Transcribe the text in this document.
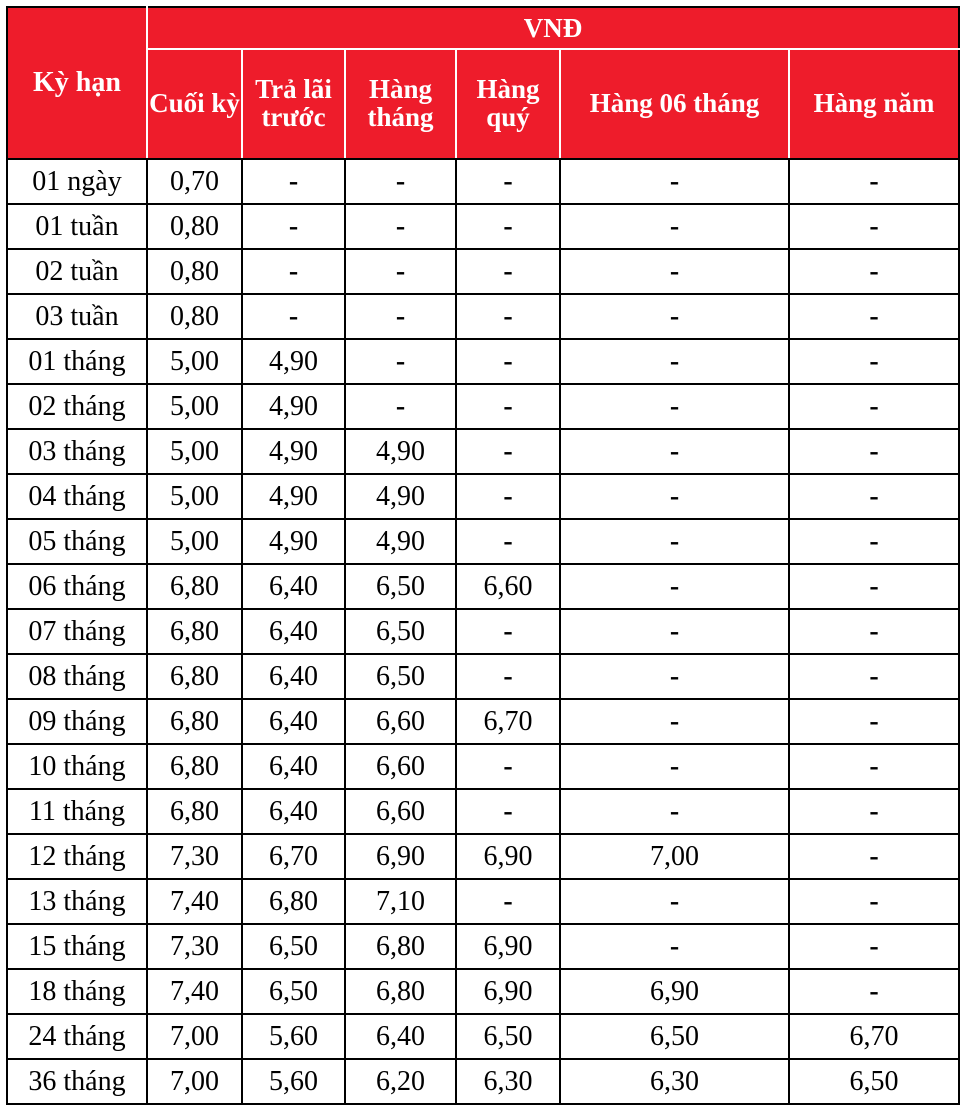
Kỳ hạn	VNĐ					
	Cuối kỳ	Trả lãi trước	Hàng tháng	Hàng quý	Hàng 06 tháng	Hàng năm
01 ngày	0,70	-	-	-	-	-
01 tuần	0,80	-	-	-	-	-
02 tuần	0,80	-	-	-	-	-
03 tuần	0,80	-	-	-	-	-
01 tháng	5,00	4,90	-	-	-	-
02 tháng	5,00	4,90	-	-	-	-
03 tháng	5,00	4,90	4,90	-	-	-
04 tháng	5,00	4,90	4,90	-	-	-
05 tháng	5,00	4,90	4,90	-	-	-
06 tháng	6,80	6,40	6,50	6,60	-	-
07 tháng	6,80	6,40	6,50	-	-	-
08 tháng	6,80	6,40	6,50	-	-	-
09 tháng	6,80	6,40	6,60	6,70	-	-
10 tháng	6,80	6,40	6,60	-	-	-
11 tháng	6,80	6,40	6,60	-	-	-
12 tháng	7,30	6,70	6,90	6,90	7,00	-
13 tháng	7,40	6,80	7,10	-	-	-
15 tháng	7,30	6,50	6,80	6,90	-	-
18 tháng	7,40	6,50	6,80	6,90	6,90	-
24 tháng	7,00	5,60	6,40	6,50	6,50	6,70
36 tháng	7,00	5,60	6,20	6,30	6,30	6,50
